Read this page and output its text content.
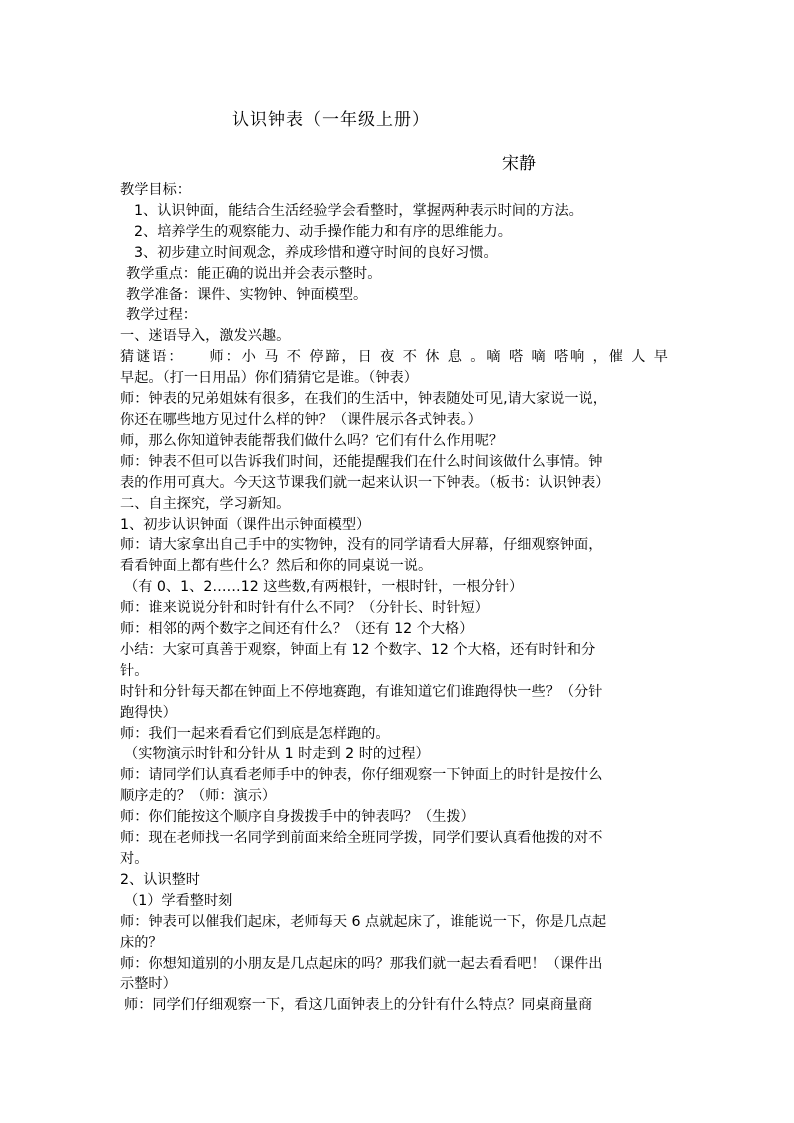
认识钟表（一年级上册）
宋静
教学目标：
1、认识钟面，能结合生活经验学会看整时，掌握两种表示时间的方法。
2、培养学生的观察能力、动手操作能力和有序的思维能力。
3、初步建立时间观念，养成珍惜和遵守时间的良好习惯。
教学重点：能正确的说出并会表示整时。
教学准备：课件、实物钟、钟面模型。
教学过程：
一、迷语导入，激发兴趣。
猜谜语：　　师：小 马 不 停蹄，日 夜 不 休 息 。嘀 嗒 嘀 嗒响 ，催 人 早
早起。（打一日用品）你们猜猜它是谁。（钟表）
师：钟表的兄弟姐妹有很多，在我们的生活中，钟表随处可见,请大家说一说，
你还在哪些地方见过什么样的钟？（课件展示各式钟表。）
师，那么你知道钟表能帮我们做什么吗？它们有什么作用呢？
师：钟表不但可以告诉我们时间，还能提醒我们在什么时间该做什么事情。钟
表的作用可真大。今天这节课我们就一起来认识一下钟表。（板书：认识钟表）
二、自主探究，学习新知。
1、初步认识钟面（课件出示钟面模型）
师：请大家拿出自己手中的实物钟，没有的同学请看大屏幕，仔细观察钟面，
看看钟面上都有些什么？然后和你的同桌说一说。
（有 0、1、2……12 这些数,有两根针，一根时针，一根分针）
师：谁来说说分针和时针有什么不同？（分针长、时针短）
师：相邻的两个数字之间还有什么？（还有 12 个大格）
小结：大家可真善于观察，钟面上有 12 个数字、12 个大格，还有时针和分
针。
时针和分针每天都在钟面上不停地赛跑，有谁知道它们谁跑得快一些？（分针
跑得快）
师：我们一起来看看它们到底是怎样跑的。
（实物演示时针和分针从 1 时走到 2 时的过程）
师：请同学们认真看老师手中的钟表，你仔细观察一下钟面上的时针是按什么
顺序走的？（师：演示）
师：你们能按这个顺序自身拨拨手中的钟表吗？（生拨）
师：现在老师找一名同学到前面来给全班同学拨，同学们要认真看他拨的对不
对。
2、认识整时
（1）学看整时刻
师：钟表可以催我们起床，老师每天 6 点就起床了，谁能说一下，你是几点起
床的？
师：你想知道别的小朋友是几点起床的吗？那我们就一起去看看吧！（课件出
示整时）
师：同学们仔细观察一下，看这几面钟表上的分针有什么特点？同桌商量商
